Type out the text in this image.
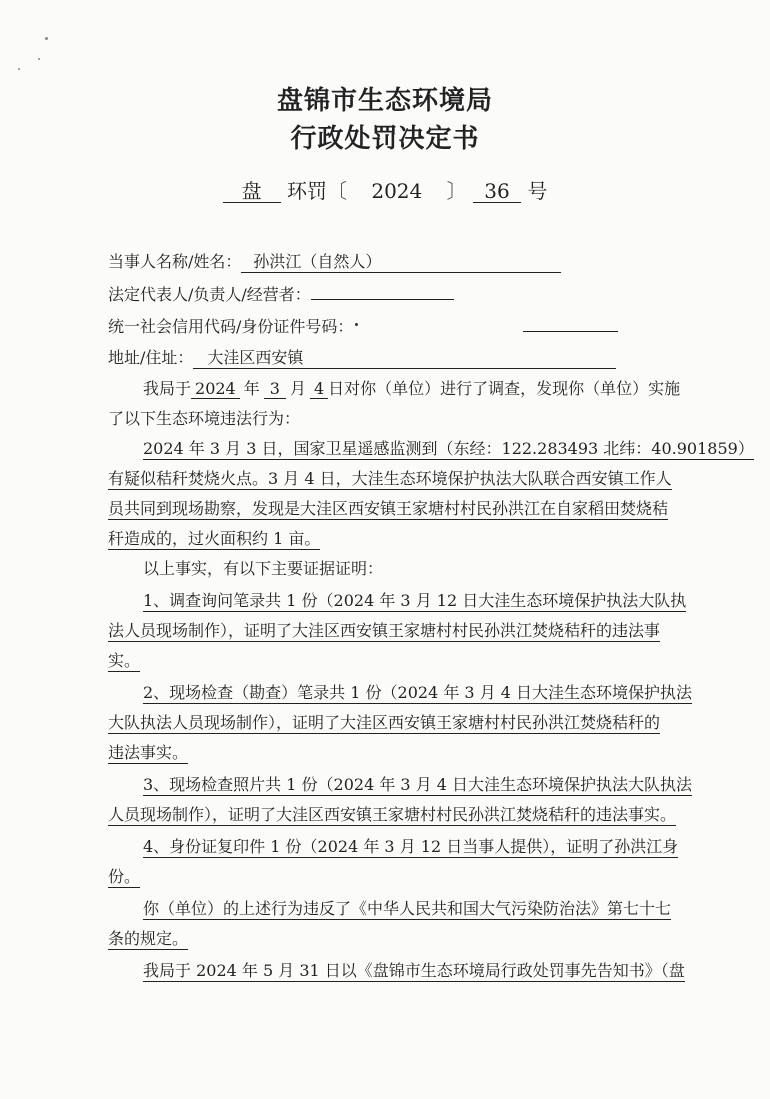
盘锦市生态环境局
行政处罚决定书
盘 环罚〔 2024 〕 36 号
当事人名称/姓名： 孙洪江（自然人）
法定代表人/负责人/经营者：
统一社会信用代码/身份证件号码：
地址/住址： 大洼区西安镇
我局于 2024 年 3 月 4 日对你（单位）进行了调查，发现你（单位）实施
了以下生态环境违法行为：
2024 年 3 月 3 日，国家卫星遥感监测到（东经：122.283493 北纬：40.901859）
有疑似秸秆焚烧火点。3 月 4 日，大洼生态环境保护执法大队联合西安镇工作人
员共同到现场勘察，发现是大洼区西安镇王家塘村村民孙洪江在自家稻田焚烧秸
秆造成的，过火面积约 1 亩。
以上事实，有以下主要证据证明：
1、调查询问笔录共 1 份（2024 年 3 月 12 日大洼生态环境保护执法大队执
法人员现场制作），证明了大洼区西安镇王家塘村村民孙洪江焚烧秸秆的违法事
实。
2、现场检查（勘查）笔录共 1 份（2024 年 3 月 4 日大洼生态环境保护执法
大队执法人员现场制作），证明了大洼区西安镇王家塘村村民孙洪江焚烧秸秆的
违法事实。
3、现场检查照片共 1 份（2024 年 3 月 4 日大洼生态环境保护执法大队执法
人员现场制作），证明了大洼区西安镇王家塘村村民孙洪江焚烧秸秆的违法事实。
4、身份证复印件 1 份（2024 年 3 月 12 日当事人提供），证明了孙洪江身
份。
你（单位）的上述行为违反了《中华人民共和国大气污染防治法》第七十七
条的规定。
我局于 2024 年 5 月 31 日以《盘锦市生态环境局行政处罚事先告知书》（盘
